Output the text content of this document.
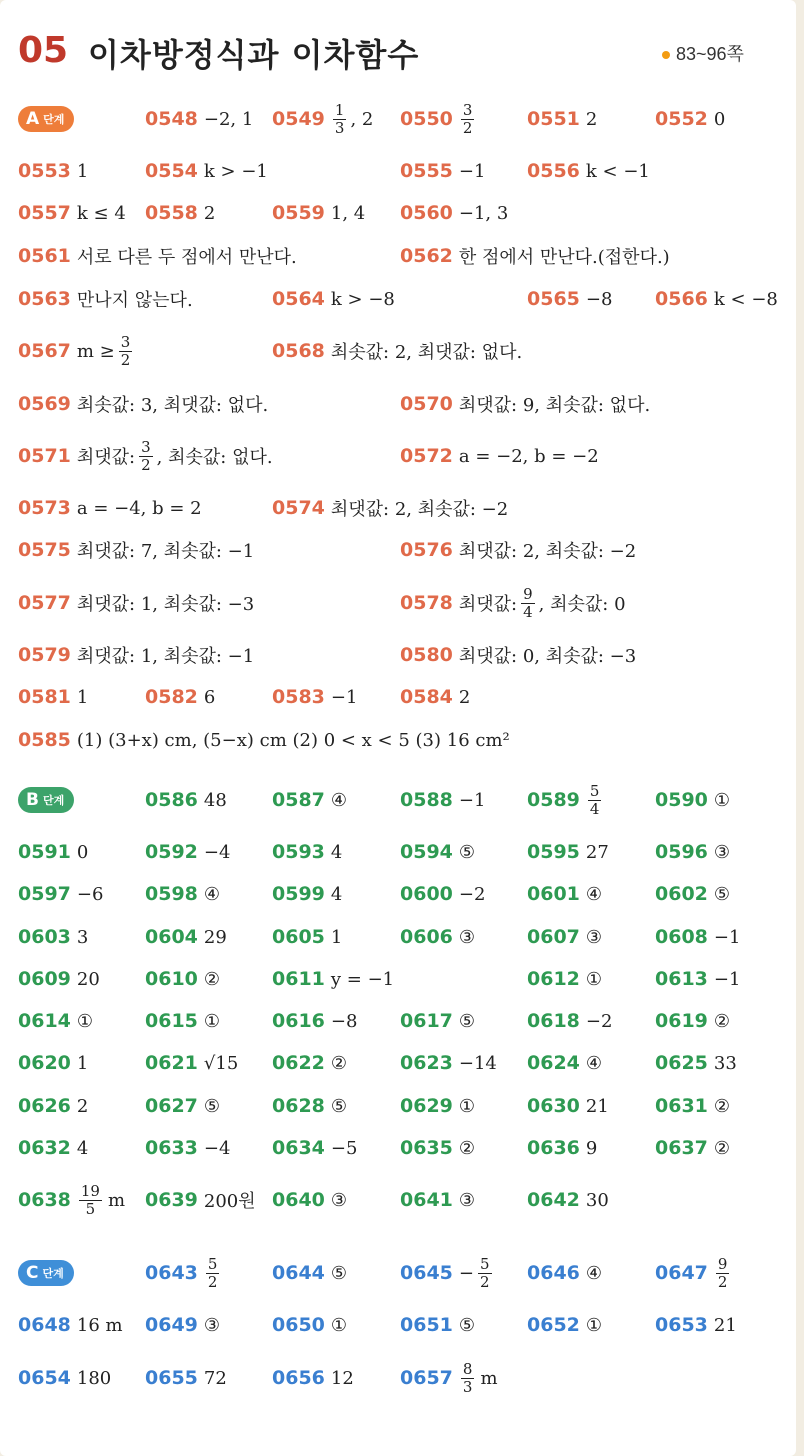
05 이차방정식과 이차함수	83~96쪽
A 단계
B 단계
C 단계
0548 −2, 1 $0549 \frac{1}{3}$ , 2 $0550 \frac{3}{2}$	0551 2	0552 0
0553 1	0554 k > −1	0555 −1 0556 k < −1
0557 k ≤ 4 0558 2	0559 1, 4 0560 −1, 3
0561 서로 다른 두 점에서 만난다.	0562 한 점에서 만난다.(접한다.)
0563 만나지 않는다.	0564 k > −8	0565 −8 0566 k < −8
0567 $m \ge \frac{3}{2}$	0568 최솟값: 2, 최댓값: 없다.
0569 최솟값: 3, 최댓값: 없다.	0570 최댓값: 9, 최솟값: 없다.
0571 최댓값: $\frac{3}{2}$ , 최솟값: 없다.	0572 a = −2, b = −2
0573 a = −4, b = 2	0574 최댓값: 2, 최솟값: −2
0575 최댓값: 7, 최솟값: −1	0576 최댓값: 2, 최솟값: −2
0577 최댓값: 1, 최솟값: −3	0578 최댓값: $\frac{9}{4}$ , 최솟값: 0
0579 최댓값: 1, 최솟값: −1	0580 최댓값: 0, 최솟값: −3
0581 1	0582 6	0583 −1 0584 2
0585 (1) (3+x) cm, (5−x) cm (2) 0 < x < 5 (3) 16 cm²
0586 48 0587 ④	0588 −1 $0589 \frac{5}{4}$	0590 ①
0591 0	0592 −4 0593 4	0594 ⑤	0595 27 0596 ③
0597 −6 0598 ④	0599 4	0600 −2 0601 ④	0602 ⑤
0603 3	0604 29 0605 1	0606 ③	0607 ③	0608 −1
0609 20 0610 ②	0611 y = −1	0612 ①	0613 −1
0614 ①	0615 ①	0616 −8 0617 ⑤	0618 −2 0619 ②
0620 1	0621 √15 0622 ②	0623 −14 0624 ④	0625 33
0626 2	0627 ⑤	0628 ⑤	0629 ①	0630 21 0631 ②
0632 4	0633 −4 0634 −5 0635 ②	0636 9	0637 ②
$0638 \frac{19}{5}$ m 0639 200원 0640 ③	0641 ③	0642 30
$0643 \frac{5}{2}$	0644 ⑤	$0645 - \frac{5}{2} 0646$ ④	$0647 \frac{9}{2}$
0648 16 m 0649 ③	0650 ①	0651 ⑤	0652 ①	0653 21
0654 180 0655 72 0656 12 $0657 \frac{8}{3}$ m
